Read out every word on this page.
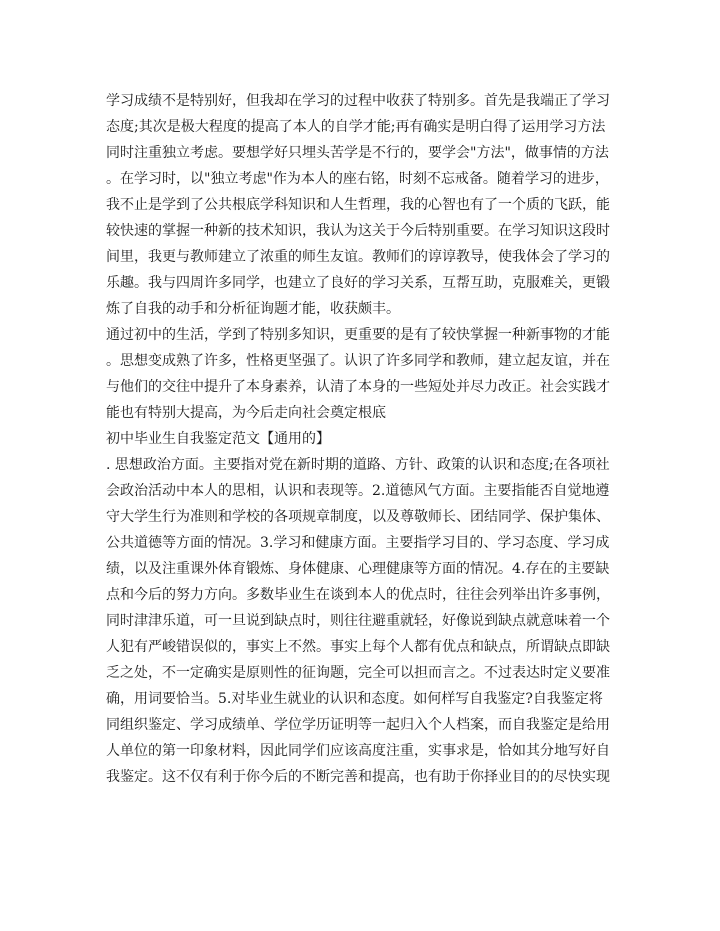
学习成绩不是特别好，但我却在学习的过程中收获了特别多。首先是我端正了学习
态度;其次是极大程度的提高了本人的自学才能;再有确实是明白得了运用学习方法
同时注重独立考虑。要想学好只埋头苦学是不行的，要学会"方法"，做事情的方法
。在学习时，以"独立考虑"作为本人的座右铭，时刻不忘戒备。随着学习的进步，
我不止是学到了公共根底学科知识和人生哲理，我的心智也有了一个质的飞跃，能
较快速的掌握一种新的技术知识，我认为这关于今后特别重要。在学习知识这段时
间里，我更与教师建立了浓重的师生友谊。教师们的谆谆教导，使我体会了学习的
乐趣。我与四周许多同学，也建立了良好的学习关系，互帮互助，克服难关，更锻
炼了自我的动手和分析征询题才能，收获颇丰。
通过初中的生活，学到了特别多知识，更重要的是有了较快掌握一种新事物的才能
。思想变成熟了许多，性格更坚强了。认识了许多同学和教师，建立起友谊，并在
与他们的交往中提升了本身素养，认清了本身的一些短处并尽力改正。社会实践才
能也有特别大提高，为今后走向社会奠定根底
初中毕业生自我鉴定范文【通用的】
. 思想政治方面。主要指对党在新时期的道路、方针、政策的认识和态度;在各项社
会政治活动中本人的思相，认识和表现等。2.道德风气方面。主要指能否自觉地遵
守大学生行为准则和学校的各项规章制度，以及尊敬师长、团结同学、保护集体、
公共道德等方面的情况。3.学习和健康方面。主要指学习目的、学习态度、学习成
绩，以及注重课外体育锻炼、身体健康、心理健康等方面的情况。4.存在的主要缺
点和今后的努力方向。多数毕业生在谈到本人的优点时，往往会列举出许多事例，
同时津津乐道，可一旦说到缺点时，则往往避重就轻，好像说到缺点就意味着一个
人犯有严峻错误似的，事实上不然。事实上每个人都有优点和缺点，所谓缺点即缺
乏之处，不一定确实是原则性的征询题，完全可以担而言之。不过表达时定义要准
确，用词要恰当。5.对毕业生就业的认识和态度。如何样写自我鉴定?自我鉴定将
同组织鉴定、学习成绩单、学位学历证明等一起归入个人档案，而自我鉴定是给用
人单位的第一印象材料，因此同学们应该高度注重，实事求是，恰如其分地写好自
我鉴定。这不仅有利于你今后的不断完善和提高，也有助于你择业目的的尽快实现
